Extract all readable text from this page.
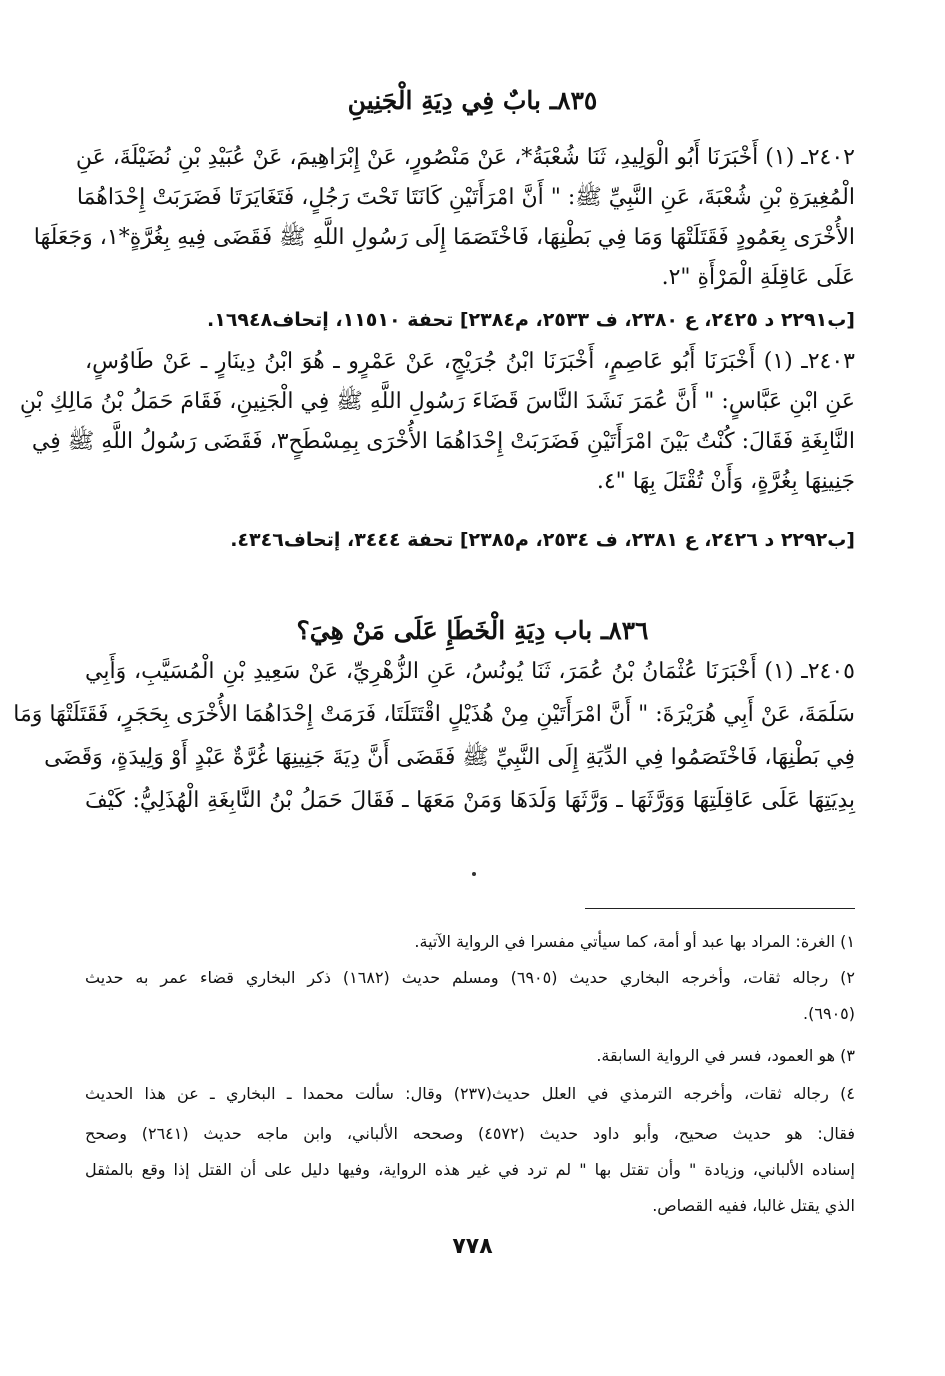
٨٣٥ـ بابٌ فِي دِيَةِ الْجَنِينِ
٢٤٠٢ـ (١) أَخْبَرَنَا أَبُو الْوَلِيدِ، ثَنَا شُعْبَةُ*، عَنْ مَنْصُورٍ، عَنْ إِبْرَاهِيمَ، عَنْ عُبَيْدِ بْنِ نُضَيْلَةَ، عَنِ
الْمُغِيرَةِ بْنِ شُعْبَةَ، عَنِ النَّبِيِّ ﷺ: " أَنَّ امْرَأَتَيْنِ كَانَتَا تَحْتَ رَجُلٍ، فَتَغَايَرَتَا فَضَرَبَتْ إِحْدَاهُمَا
الأُخْرَى بِعَمُودٍ فَقَتَلَتْهَا وَمَا فِي بَطْنِهَا، فَاخْتَصَمَا إِلَى رَسُولِ اللَّهِ ﷺ فَقَضَى فِيهِ بِغُرَّةٍ*١، وَجَعَلَهَا
عَلَى عَاقِلَةِ الْمَرْأَةِ "٢.
[ب٢٢٩١ د ٢٤٢٥، ع ٢٣٨٠، ف ٢٥٣٣، م٢٣٨٤] تحفة ١١٥١٠، إتحاف١٦٩٤٨.
٢٤٠٣ـ (١) أَخْبَرَنَا أَبُو عَاصِمٍ، أَخْبَرَنَا ابْنُ جُرَيْجٍ، عَنْ عَمْرٍو ـ هُوَ ابْنُ دِينَارٍ ـ عَنْ طَاوُسٍ،
عَنِ ابْنِ عَبَّاسٍ: " أَنَّ عُمَرَ نَشَدَ النَّاسَ قَضَاءَ رَسُولِ اللَّهِ ﷺ فِي الْجَنِينِ، فَقَامَ حَمَلُ بْنُ مَالِكِ بْنِ
النَّابِغَةِ فَقَالَ: كُنْتُ بَيْنَ امْرَأَتَيْنِ فَضَرَبَتْ إِحْدَاهُمَا الأُخْرَى بِمِسْطَحٍ٣، فَقَضَى رَسُولُ اللَّهِ ﷺ فِي
جَنِينِهَا بِغُرَّةٍ، وَأَنْ تُقْتَلَ بِهَا "٤.
[ب٢٢٩٢ د ٢٤٢٦، ع ٢٣٨١، ف ٢٥٣٤، م٢٣٨٥] تحفة ٣٤٤٤، إتحاف٤٣٤٦.
٨٣٦ـ باب دِيَةِ الْخَطَإِ عَلَى مَنْ هِيَ؟
٢٤٠٥ـ (١) أَخْبَرَنَا عُثْمَانُ بْنُ عُمَرَ، ثَنَا يُونُسُ، عَنِ الزُّهْرِيِّ، عَنْ سَعِيدِ بْنِ الْمُسَيَّبِ، وَأَبِي
سَلَمَةَ، عَنْ أَبِي هُرَيْرَةَ: " أَنَّ امْرَأَتَيْنِ مِنْ هُذَيْلٍ اقْتَتَلَتَا، فَرَمَتْ إِحْدَاهُمَا الأُخْرَى بِحَجَرٍ، فَقَتَلَتْهَا وَمَا
فِي بَطْنِهَا، فَاخْتَصَمُوا فِي الدِّيَةِ إِلَى النَّبِيِّ ﷺ فَقَضَى أَنَّ دِيَةَ جَنِينِهَا غُرَّةٌ عَبْدٍ أَوْ وَلِيدَةٍ، وَقَضَى
بِدِيَتِهَا عَلَى عَاقِلَتِهَا وَوَرَّثَهَا ـ وَرَّثَهَا وَلَدَهَا وَمَنْ مَعَهَا ـ فَقَالَ حَمَلُ بْنُ النَّابِغَةِ الْهُذَلِيُّ: كَيْفَ
١) الغرة: المراد بها عبد أو أمة، كما سيأتي مفسرا في الرواية الآتية.
٢) رجاله ثقات، وأخرجه البخاري حديث (٦٩٠٥) ومسلم حديث (١٦٨٢) ذكر البخاري قضاء عمر به حديث
(٦٩٠٥).
٣) هو العمود، فسر في الرواية السابقة.
٤) رجاله ثقات، وأخرجه الترمذي في العلل حديث(٢٣٧) وقال: سألت محمدا ـ البخاري ـ عن هذا الحديث
فقال: هو حديث صحيح، وأبو داود حديث (٤٥٧٢) وصححه الألباني، وابن ماجه حديث (٢٦٤١) وصحح
إسناده الألباني، وزيادة " وأن تقتل بها " لم ترد في غير هذه الرواية، وفيها دليل على أن القتل إذا وقع بالمثقل
الذي يقتل غالبا، ففيه القصاص.
٧٧٨
